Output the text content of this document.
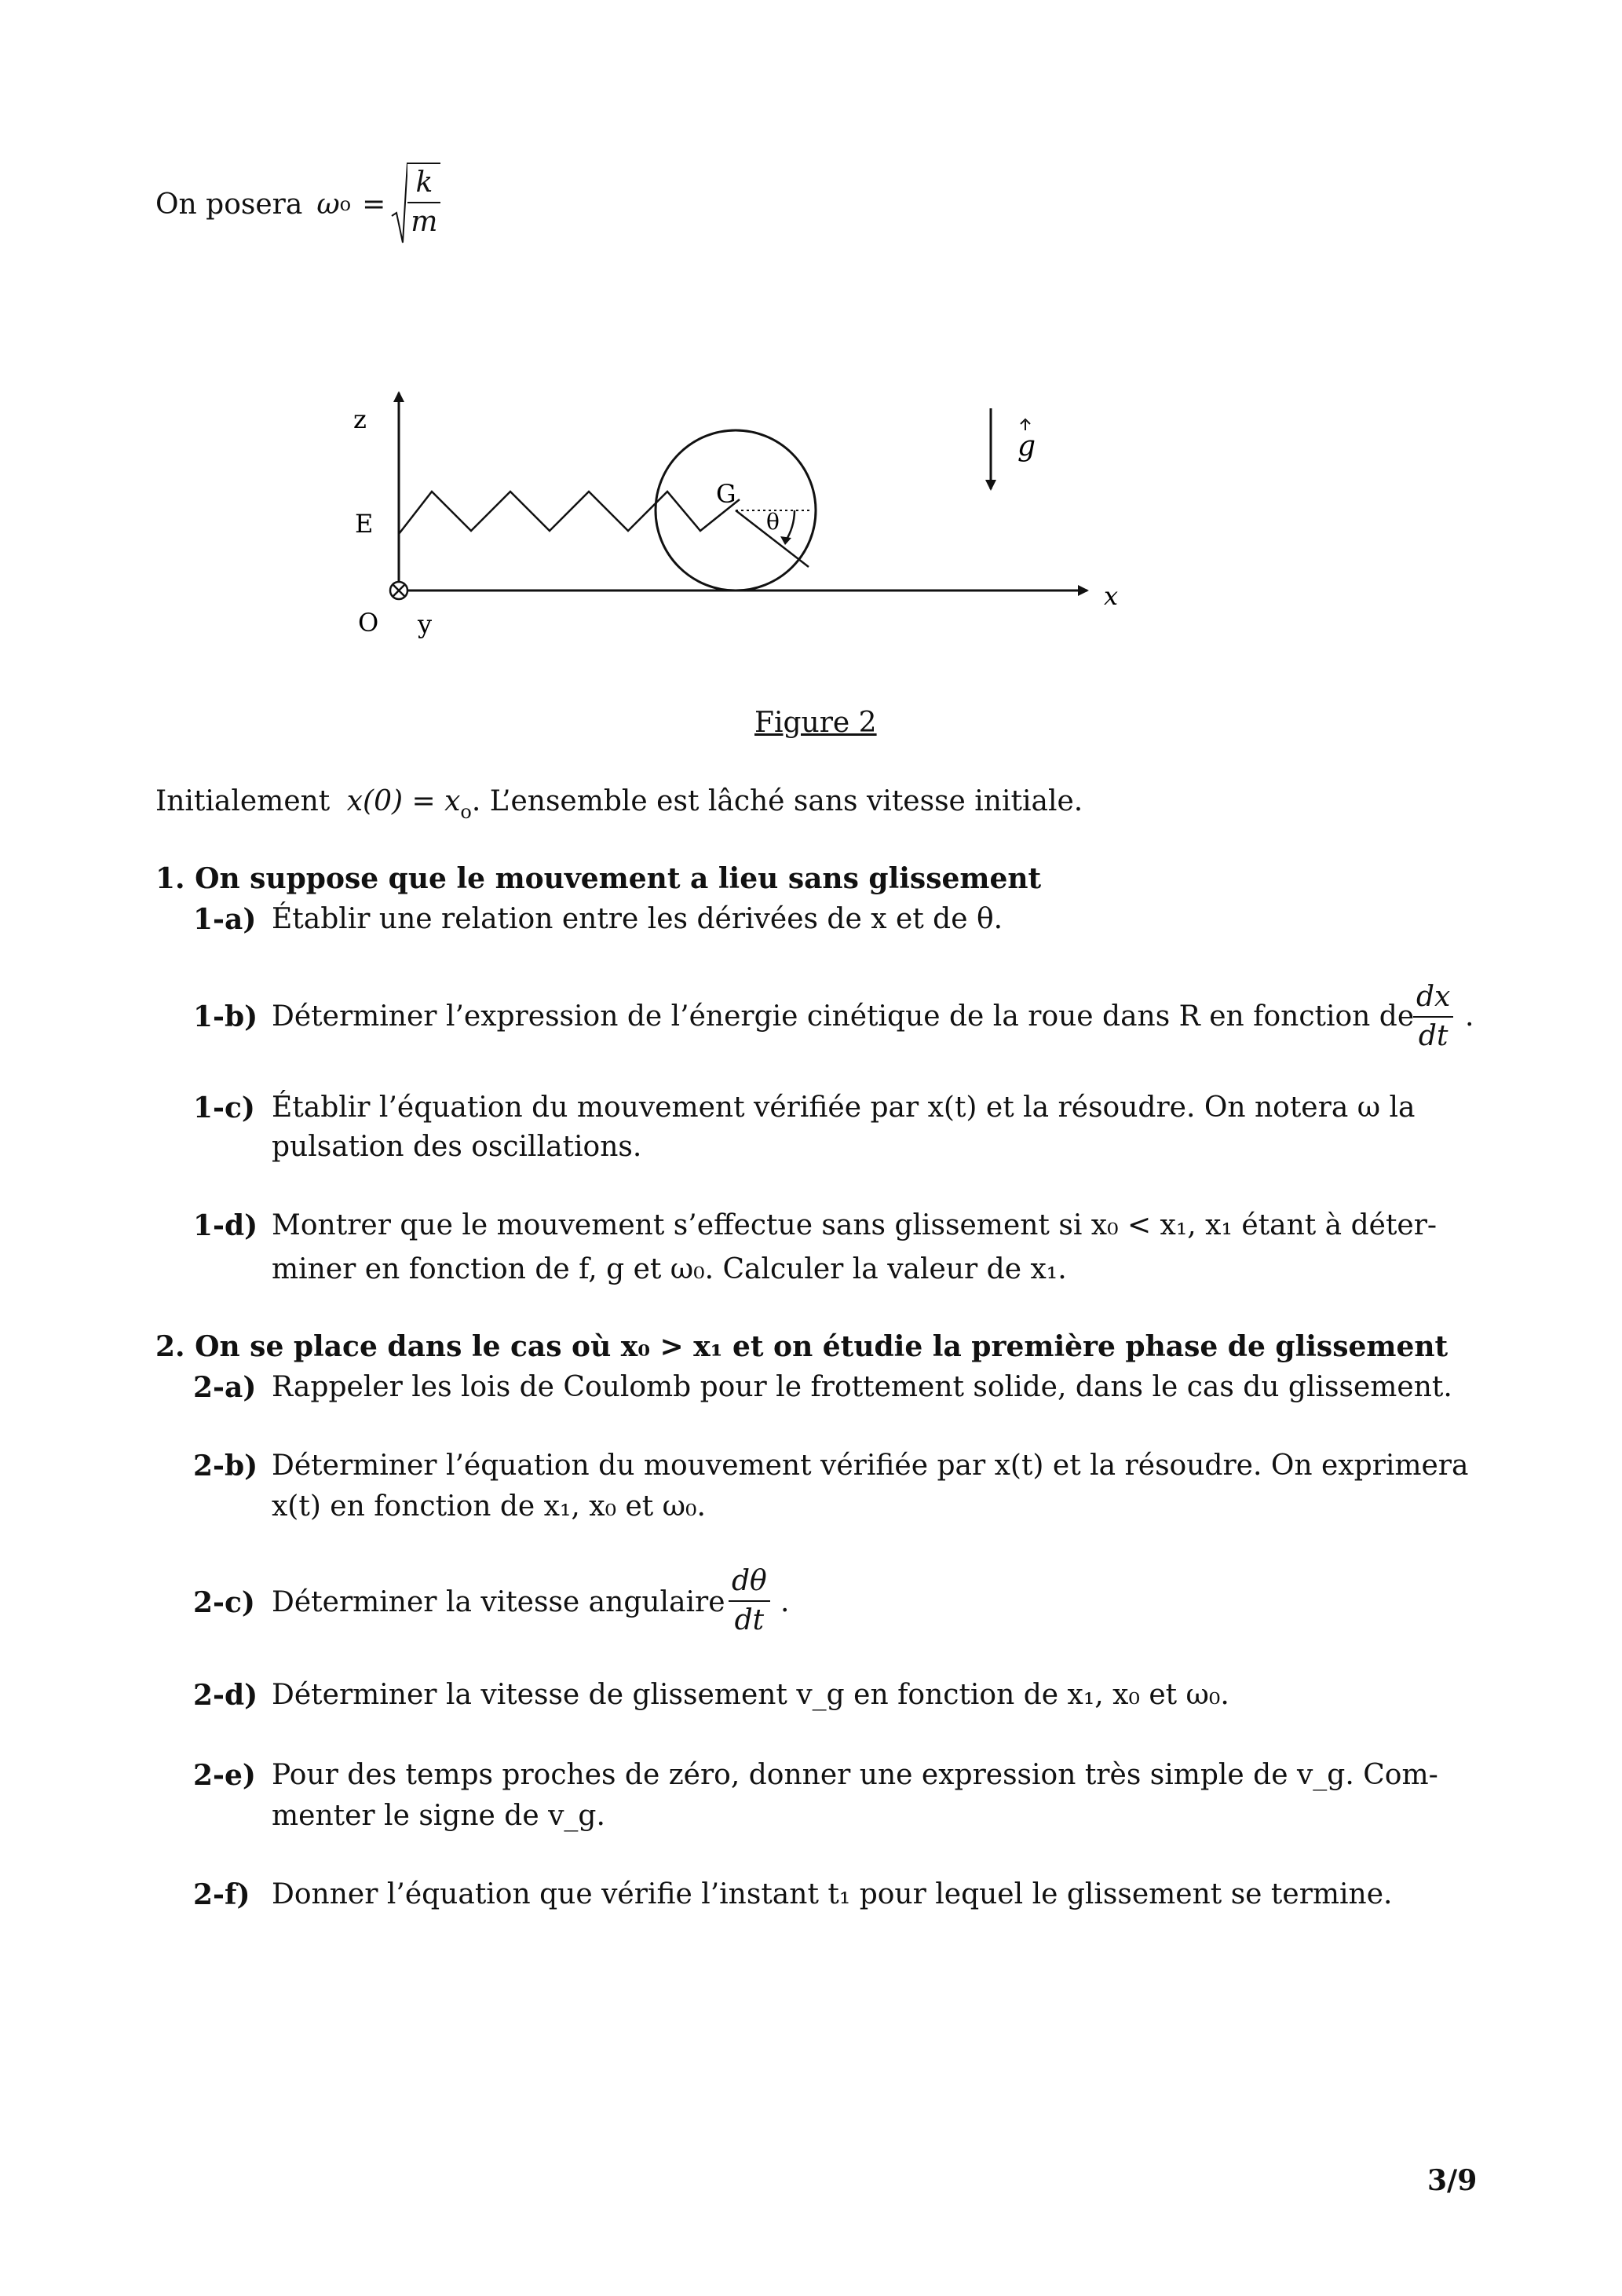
On posera ω $o = \frac{k}{m}$
z
E
O y
x
G
θ
g
Figure 2
Initialement $x(0) = x_o$. L’ensemble est lâché sans vitesse initiale.
1. On suppose que le mouvement a lieu sans glissement
1-a) Établir une relation entre les dérivées de x et de θ.
1-b) Déterminer l’expression de l’énergie cinétique de la roue dans R en fonction de
$\frac{dx}{dt}$ .
1-c) Établir l’équation du mouvement vérifiée par x(t) et la résoudre. On notera ω la
pulsation des oscillations.
1-d) Montrer que le mouvement s’effectue sans glissement si x₀ < x₁, x₁ étant à déter-
miner en fonction de f, g et ω₀. Calculer la valeur de x₁.
2. On se place dans le cas où x₀ > x₁ et on étudie la première phase de glissement
2-a) Rappeler les lois de Coulomb pour le frottement solide, dans le cas du glissement.
2-b) Déterminer l’équation du mouvement vérifiée par x(t) et la résoudre. On exprimera
x(t) en fonction de x₁, x₀ et ω₀.
2-c) Déterminer la vitesse angulaire $\frac{d\theta}{dt}$ .
2-d) Déterminer la vitesse de glissement v_g en fonction de x₁, x₀ et ω₀.
2-e) Pour des temps proches de zéro, donner une expression très simple de v_g. Com-
menter le signe de v_g.
2-f) Donner l’équation que vérifie l’instant t₁ pour lequel le glissement se termine.
3/9
